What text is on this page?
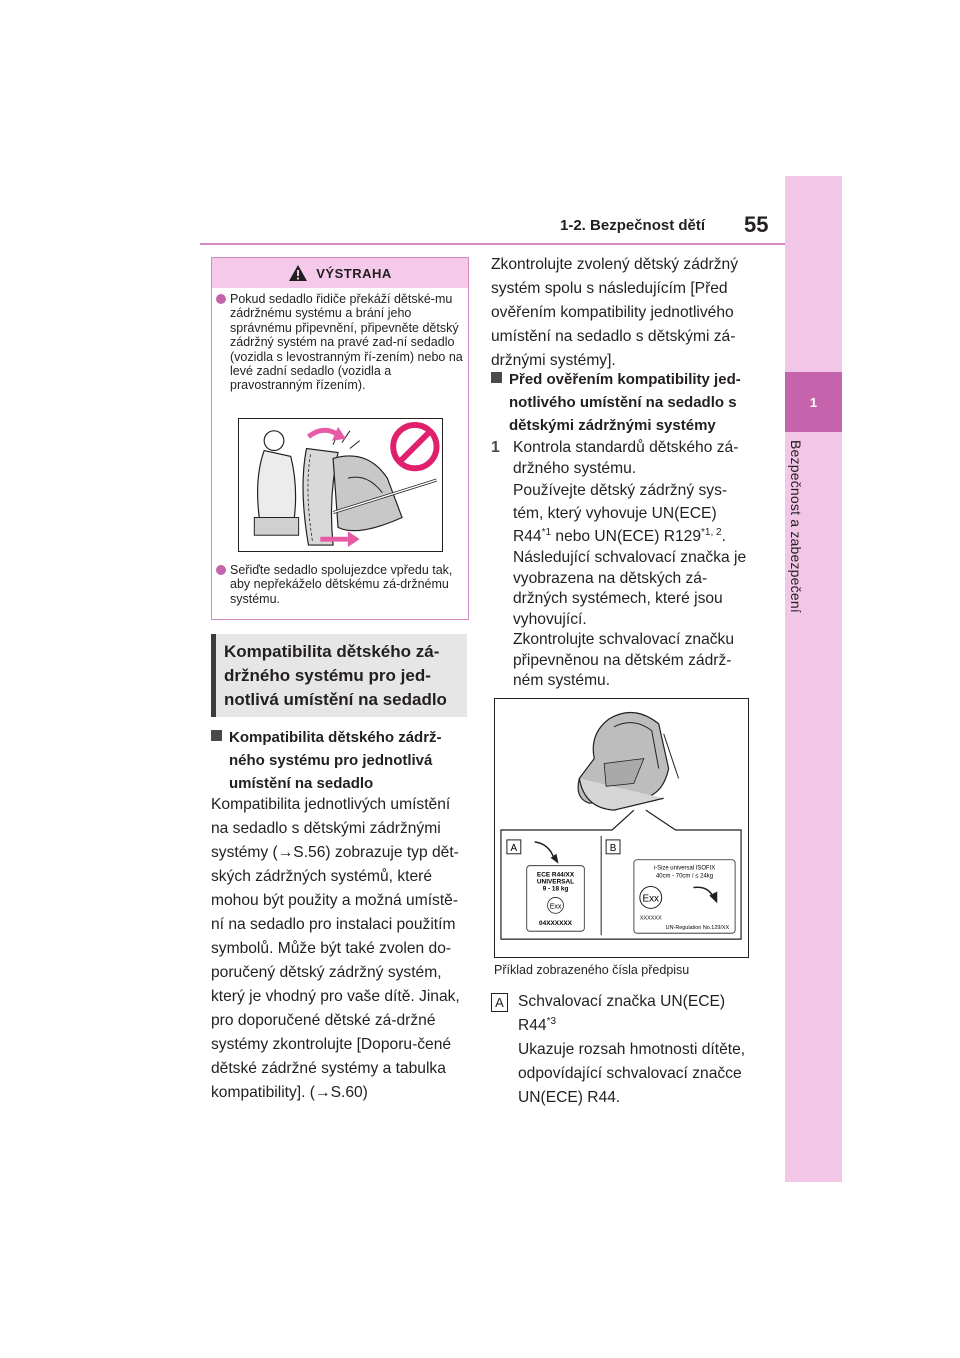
1-2. Bezpečnost dětí 55
1
Bezpečnost a zabezpečení
VÝSTRAHA
Pokud sedadlo řidiče překáží dětské-mu zádržnému systému a brání jeho správnému připevnění, připevněte dětský zádržný systém na pravé zad-ní sedadlo (vozidla s levostranným ří-zením) nebo na levé zadní sedadlo (vozidla a pravostranným řízením).
Seřiďte sedadlo spolujezdce vpředu tak, aby nepřekáželo dětskému zá-držnému systému.
Kompatibilita dětského zá-
držného systému pro jed-
notlivá umístění na sedadlo
Kompatibilita dětského zádrž-ného systému pro jednotlivá umístění na sedadlo
Kompatibilita jednotlivých umístění na sedadlo s dětskými zádržnými systémy (→S.56) zobrazuje typ dět-ských zádržných systémů, které mohou být použity a možná umístě-ní na sedadlo pro instalaci použitím symbolů. Může být také zvolen do-poručený dětský zádržný systém, který je vhodný pro vaše dítě. Jinak, pro doporučené dětské zá-držné systémy zkontrolujte [Doporu-čené dětské zádržné systémy a tabulka kompatibility]. (→S.60)
Zkontrolujte zvolený dětský zádržný systém spolu s následujícím [Před ověřením kompatibility jednotlivého umístění na sedadlo s dětskými zá-držnými systémy].
Před ověřením kompatibility jed-notlivého umístění na sedadlo s dětskými zádržnými systémy
1 Kontrola standardů dětského zá-držného systému.
Používejte dětský zádržný sys-tém, který vyhovuje UN(ECE) R44$^{*1}$ nebo UN(ECE) R129$^{*1, 2}$.
Následující schvalovací značka je vyobrazena na dětských zá-držných systémech, které jsou vyhovující.
Zkontrolujte schvalovací značku připevněnou na dětském zádrž-ném systému.
A	B
ECE R44/XX
UNIVERSAL
9 - 18 kg
Exx
04XXXXXX
i-Size universal ISOFIX
40cm - 70cm / ≤ 24kg
Exx
XXXXXX
UN-Regulation No.129/XX
Příklad zobrazeného čísla předpisu
A Schvalovací značka UN(ECE) R44$^{*3}$
Ukazuje rozsah hmotnosti dítěte, odpovídající schvalovací značce UN(ECE) R44.
